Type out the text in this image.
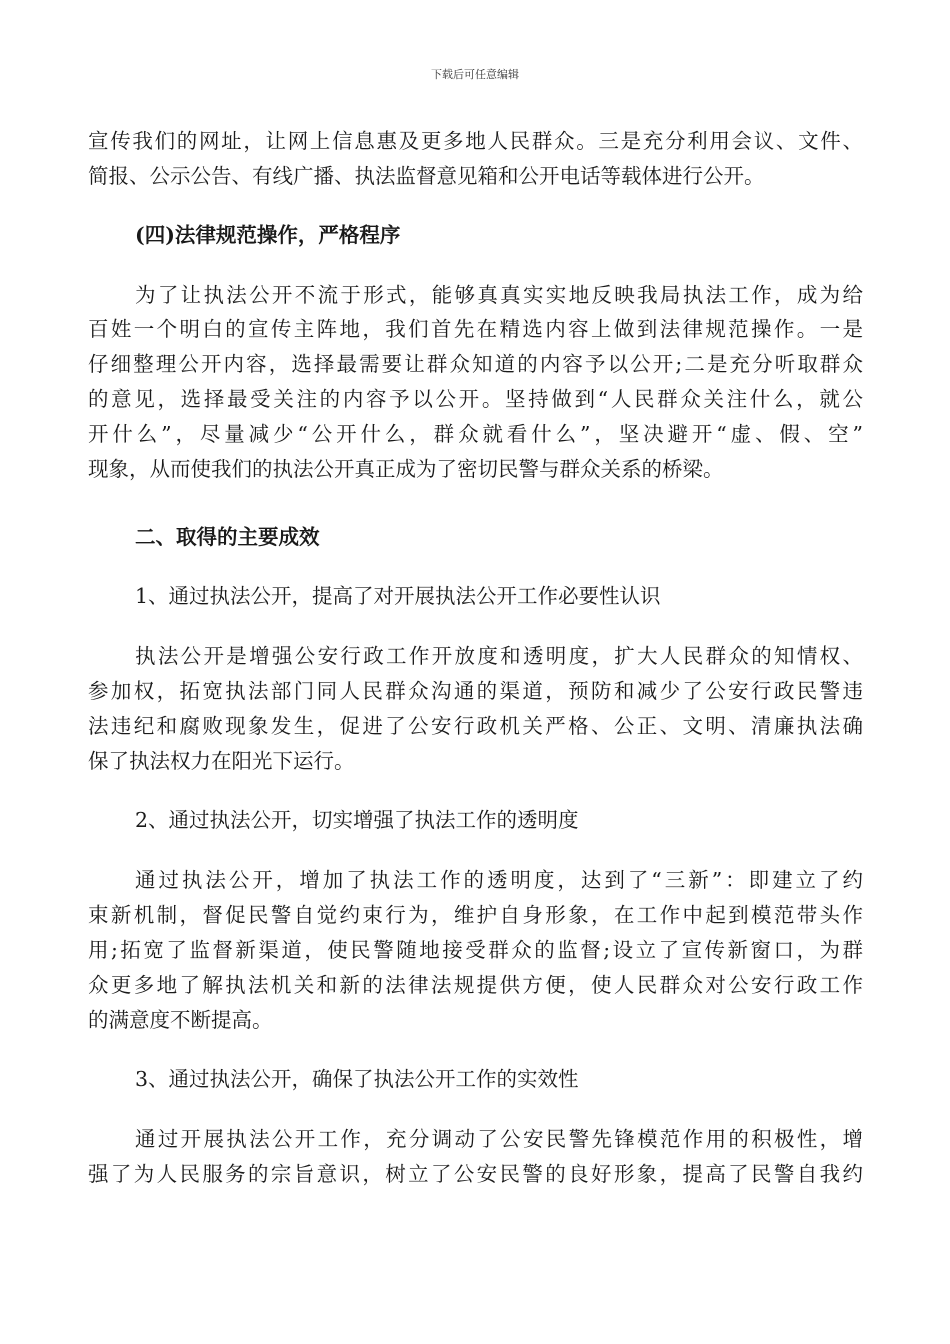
下载后可任意编辑
宣传我们的网址，让网上信息惠及更多地人民群众。三是充分利用会议、文件、
简报、公示公告、有线广播、执法监督意见箱和公开电话等载体进行公开。
(四)法律规范操作，严格程序
为了让执法公开不流于形式，能够真真实实地反映我局执法工作，成为给
百姓一个明白的宣传主阵地，我们首先在精选内容上做到法律规范操作。一是
仔细整理公开内容，选择最需要让群众知道的内容予以公开;二是充分听取群众
的意见，选择最受关注的内容予以公开。坚持做到“人民群众关注什么，就公
开什么”，尽量减少“公开什么，群众就看什么”，坚决避开“虚、假、空”
现象，从而使我们的执法公开真正成为了密切民警与群众关系的桥梁。
二、取得的主要成效
1、通过执法公开，提高了对开展执法公开工作必要性认识
执法公开是增强公安行政工作开放度和透明度，扩大人民群众的知情权、
参加权，拓宽执法部门同人民群众沟通的渠道，预防和减少了公安行政民警违
法违纪和腐败现象发生，促进了公安行政机关严格、公正、文明、清廉执法确
保了执法权力在阳光下运行。
2、通过执法公开，切实增强了执法工作的透明度
通过执法公开，增加了执法工作的透明度，达到了“三新”：即建立了约
束新机制，督促民警自觉约束行为，维护自身形象，在工作中起到模范带头作
用;拓宽了监督新渠道，使民警随地接受群众的监督;设立了宣传新窗口，为群
众更多地了解执法机关和新的法律法规提供方便，使人民群众对公安行政工作
的满意度不断提高。
3、通过执法公开，确保了执法公开工作的实效性
通过开展执法公开工作，充分调动了公安民警先锋模范作用的积极性，增
强了为人民服务的宗旨意识，树立了公安民警的良好形象，提高了民警自我约
